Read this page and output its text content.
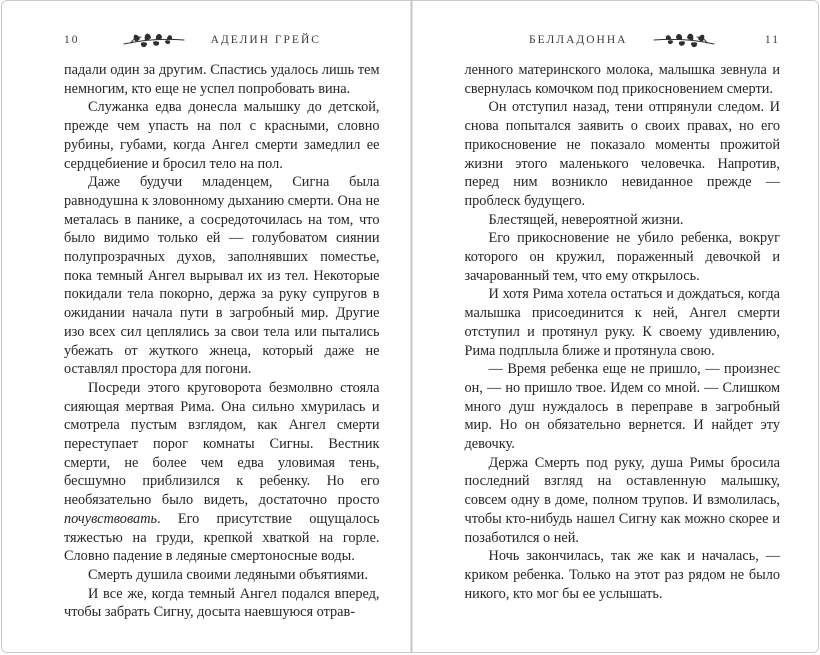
10	АДЕЛИН ГРЕЙС

падали один за другим. Спастись удалось лишь тем немногим, кто еще не успел попробовать вина.

Служанка едва донесла малышку до детской, прежде чем упасть на пол с красными, словно рубины, губами, когда Ангел смерти замедлил ее сердцебиение и бросил тело на пол.

Даже будучи младенцем, Сигна была равнодушна к зловонному дыханию смерти. Она не металась в панике, а сосредоточилась на том, что было видимо только ей — голубоватом сиянии полупрозрачных духов, заполнявших поместье, пока темный Ангел вырывал их из тел. Некоторые покидали тела покорно, держа за руку супругов в ожидании начала пути в загробный мир. Другие изо всех сил цеплялись за свои тела или пытались убежать от жуткого жнеца, который даже не оставлял простора для погони.

Посреди этого круговорота безмолвно стояла сияющая мертвая Рима. Она сильно хмурилась и смотрела пустым взглядом, как Ангел смерти переступает порог комнаты Сигны. Вестник смерти, не более чем едва уловимая тень, бесшумно приблизился к ребенку. Но его необязательно было видеть, достаточно просто почувствовать. Его присутствие ощущалось тяжестью на груди, крепкой хваткой на горле. Словно падение в ледяные смертоносные воды.

Смерть душила своими ледяными объятиями.

И все же, когда темный Ангел подался вперед, чтобы забрать Сигну, досыта наевшуюся отрав-

БЕЛЛАДОННА	11

ленного материнского молока, малышка зевнула и свернулась комочком под прикосновением смерти.

Он отступил назад, тени отпрянули следом. И снова попытался заявить о своих правах, но его прикосновение не показало моменты прожитой жизни этого маленького человечка. Напротив, перед ним возникло невиданное прежде — проблеск будущего.

Блестящей, невероятной жизни.

Его прикосновение не убило ребенка, вокруг которого он кружил, пораженный девочкой и зачарованный тем, что ему открылось.

И хотя Рима хотела остаться и дождаться, когда малышка присоединится к ней, Ангел смерти отступил и протянул руку. К своему удивлению, Рима подплыла ближе и протянула свою.

— Время ребенка еще не пришло, — произнес он, — но пришло твое. Идем со мной. — Слишком много душ нуждалось в переправе в загробный мир. Но он обязательно вернется. И найдет эту девочку.

Держа Смерть под руку, душа Римы бросила последний взгляд на оставленную малышку, совсем одну в доме, полном трупов. И взмолилась, чтобы кто-нибудь нашел Сигну как можно скорее и позаботился о ней.

Ночь закончилась, так же как и началась, — криком ребенка. Только на этот раз рядом не было никого, кто мог бы ее услышать.
